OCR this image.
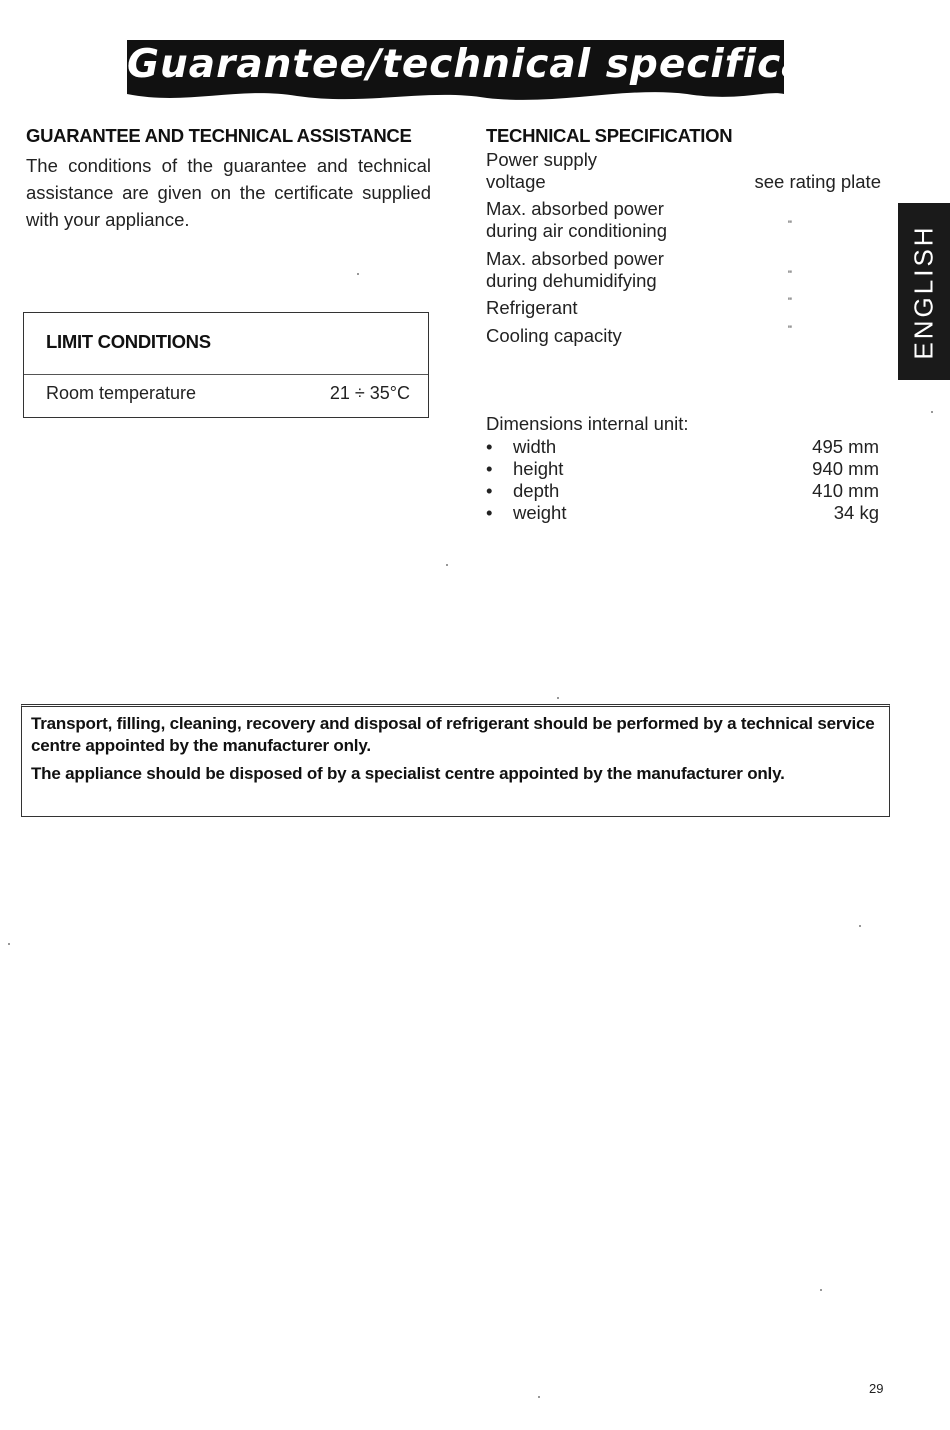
Guarantee/technical specification
GUARANTEE AND TECHNICAL ASSISTANCE

The conditions of the guarantee and technical assistance are given on the certificate supplied with your appliance.

LIMIT CONDITIONS
Room temperature	21 ÷ 35°C
TECHNICAL SPECIFICATION
Power supply
voltage	see rating plate
Max. absorbed power
during air conditioning	"
Max. absorbed power
during dehumidifying	"
Refrigerant	"
Cooling capacity	"
Dimensions internal unit:
• width	495 mm
• height	940 mm
• depth	410 mm
• weight	34 kg
ENGLISH

Transport, filling, cleaning, recovery and disposal of refrigerant should be performed by a technical service centre appointed by the manufacturer only.

The appliance should be disposed of by a specialist centre appointed by the manufacturer only.

29
